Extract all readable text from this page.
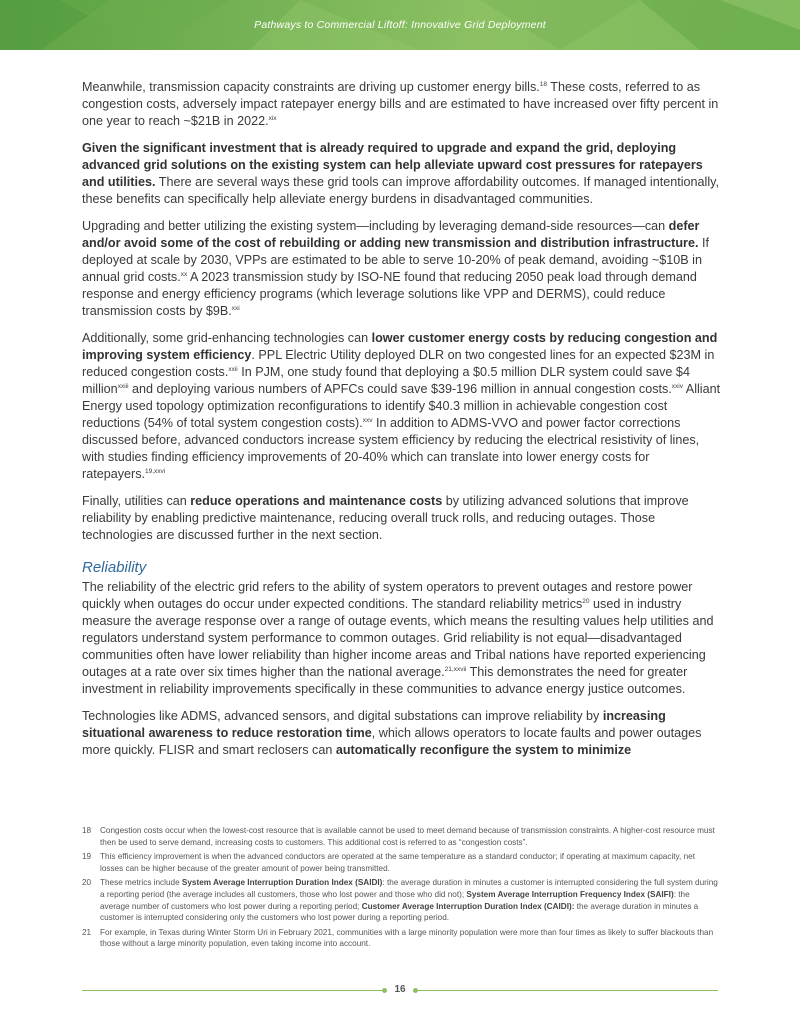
Pathways to Commercial Liftoff: Innovative Grid Deployment

Meanwhile, transmission capacity constraints are driving up customer energy bills.$^{18}$ These costs, referred to as congestion costs, adversely impact ratepayer energy bills and are estimated to have increased over fifty percent in one year to reach ~$21B in 2022.$^{xix}$

Given the significant investment that is already required to upgrade and expand the grid, deploying advanced grid solutions on the existing system can help alleviate upward cost pressures for ratepayers and utilities. There are several ways these grid tools can improve affordability outcomes. If managed intentionally, these benefits can specifically help alleviate energy burdens in disadvantaged communities.

Upgrading and better utilizing the existing system—including by leveraging demand-side resources—can defer and/or avoid some of the cost of rebuilding or adding new transmission and distribution infrastructure. If deployed at scale by 2030, VPPs are estimated to be able to serve 10-20% of peak demand, avoiding ~$10B in annual grid costs.$^{xx}$ A 2023 transmission study by ISO-NE found that reducing 2050 peak load through demand response and energy efficiency programs (which leverage solutions like VPP and DERMS), could reduce transmission costs by $9B.$^{xxi}$

Additionally, some grid-enhancing technologies can lower customer energy costs by reducing congestion and improving system efficiency. PPL Electric Utility deployed DLR on two congested lines for an expected $23M in reduced congestion costs.$^{xxii}$ In PJM, one study found that deploying a $0.5 million DLR system could save $4 million$^{xxiii}$ and deploying various numbers of APFCs could save $39-196 million in annual congestion costs.$^{xxiv}$ Alliant Energy used topology optimization reconfigurations to identify $40.3 million in achievable congestion cost reductions (54% of total system congestion costs).$^{xxv}$ In addition to ADMS-VVO and power factor corrections discussed before, advanced conductors increase system efficiency by reducing the electrical resistivity of lines, with studies finding efficiency improvements of 20-40% which can translate into lower energy costs for ratepayers.$^{19,xxvi}$

Finally, utilities can reduce operations and maintenance costs by utilizing advanced solutions that improve reliability by enabling predictive maintenance, reducing overall truck rolls, and reducing outages. Those technologies are discussed further in the next section.

Reliability

The reliability of the electric grid refers to the ability of system operators to prevent outages and restore power quickly when outages do occur under expected conditions. The standard reliability metrics$^{20}$ used in industry measure the average response over a range of outage events, which means the resulting values help utilities and regulators understand system performance to common outages. Grid reliability is not equal—disadvantaged communities often have lower reliability than higher income areas and Tribal nations have reported experiencing outages at a rate over six times higher than the national average.$^{21,xxvii}$ This demonstrates the need for greater investment in reliability improvements specifically in these communities to advance energy justice outcomes.

Technologies like ADMS, advanced sensors, and digital substations can improve reliability by increasing situational awareness to reduce restoration time, which allows operators to locate faults and power outages more quickly. FLISR and smart reclosers can automatically reconfigure the system to minimize

18	Congestion costs occur when the lowest-cost resource that is available cannot be used to meet demand because of transmission constraints. A higher-cost resource must then be used to serve demand, increasing costs to customers. This additional cost is referred to as “congestion costs”.
19	This efficiency improvement is when the advanced conductors are operated at the same temperature as a standard conductor; if operating at maximum capacity, net losses can be higher because of the greater amount of power being transmitted.
20	These metrics include System Average Interruption Duration Index (SAIDI): the average duration in minutes a customer is interrupted considering the full system during a reporting period (the average includes all customers, those who lost power and those who did not); System Average Interruption Frequency Index (SAIFI): the average number of customers who lost power during a reporting period; Customer Average Interruption Duration Index (CAIDI): the average duration in minutes a customer is interrupted considering only the customers who lost power during a reporting period.
21	For example, in Texas during Winter Storm Uri in February 2021, communities with a large minority population were more than four times as likely to suffer blackouts than those without a large minority population, even taking income into account.
16
